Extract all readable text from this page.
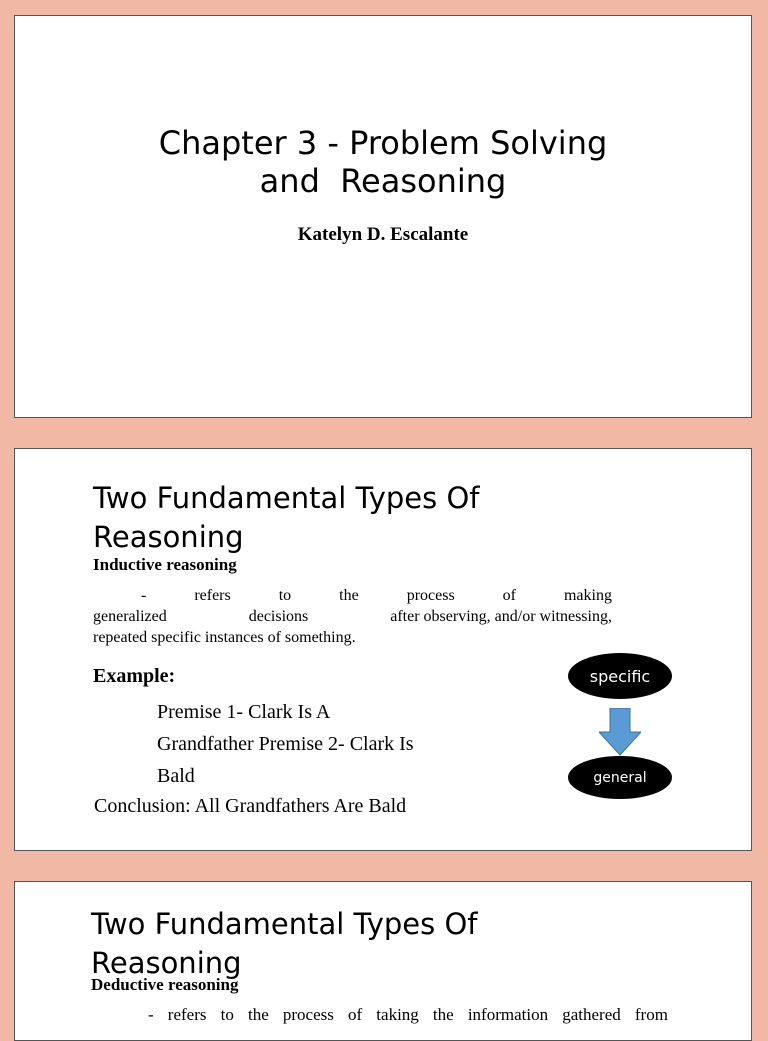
Chapter 3 - Problem Solving
and  Reasoning
Katelyn D. Escalante
Two Fundamental Types Of
Reasoning
Inductive reasoning
-	refers	to	the	process	of	making
generalized	decisions	after observing, and/or witnessing,
repeated specific instances of something.
Example:
Premise 1- Clark Is A
Grandfather Premise 2- Clark Is
Bald
Conclusion: All Grandfathers Are Bald
specific
general
Two Fundamental Types Of
Reasoning
Deductive reasoning
- refers to the process of taking the information gathered from
